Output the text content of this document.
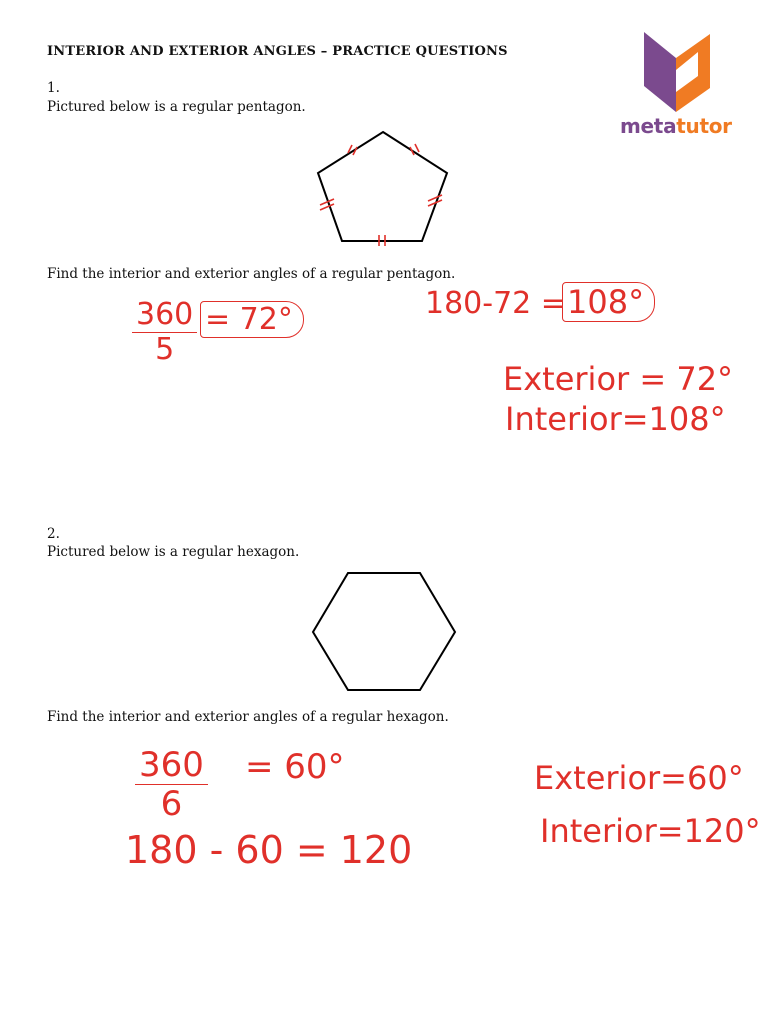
INTERIOR AND EXTERIOR ANGLES – PRACTICE QUESTIONS
metatutor
1.
Pictured below is a regular pentagon.
Find the interior and exterior angles of a regular pentagon.
$\frac{360}{5} = 72^\circ$	180-72 = 108°
Exterior = 72°
Interior=108°
2.
Pictured below is a regular hexagon.
Find the interior and exterior angles of a regular hexagon.
$\frac{360}{6} = 60^\circ$
180 - 60 = 120
Exterior=60°
Interior=120°
